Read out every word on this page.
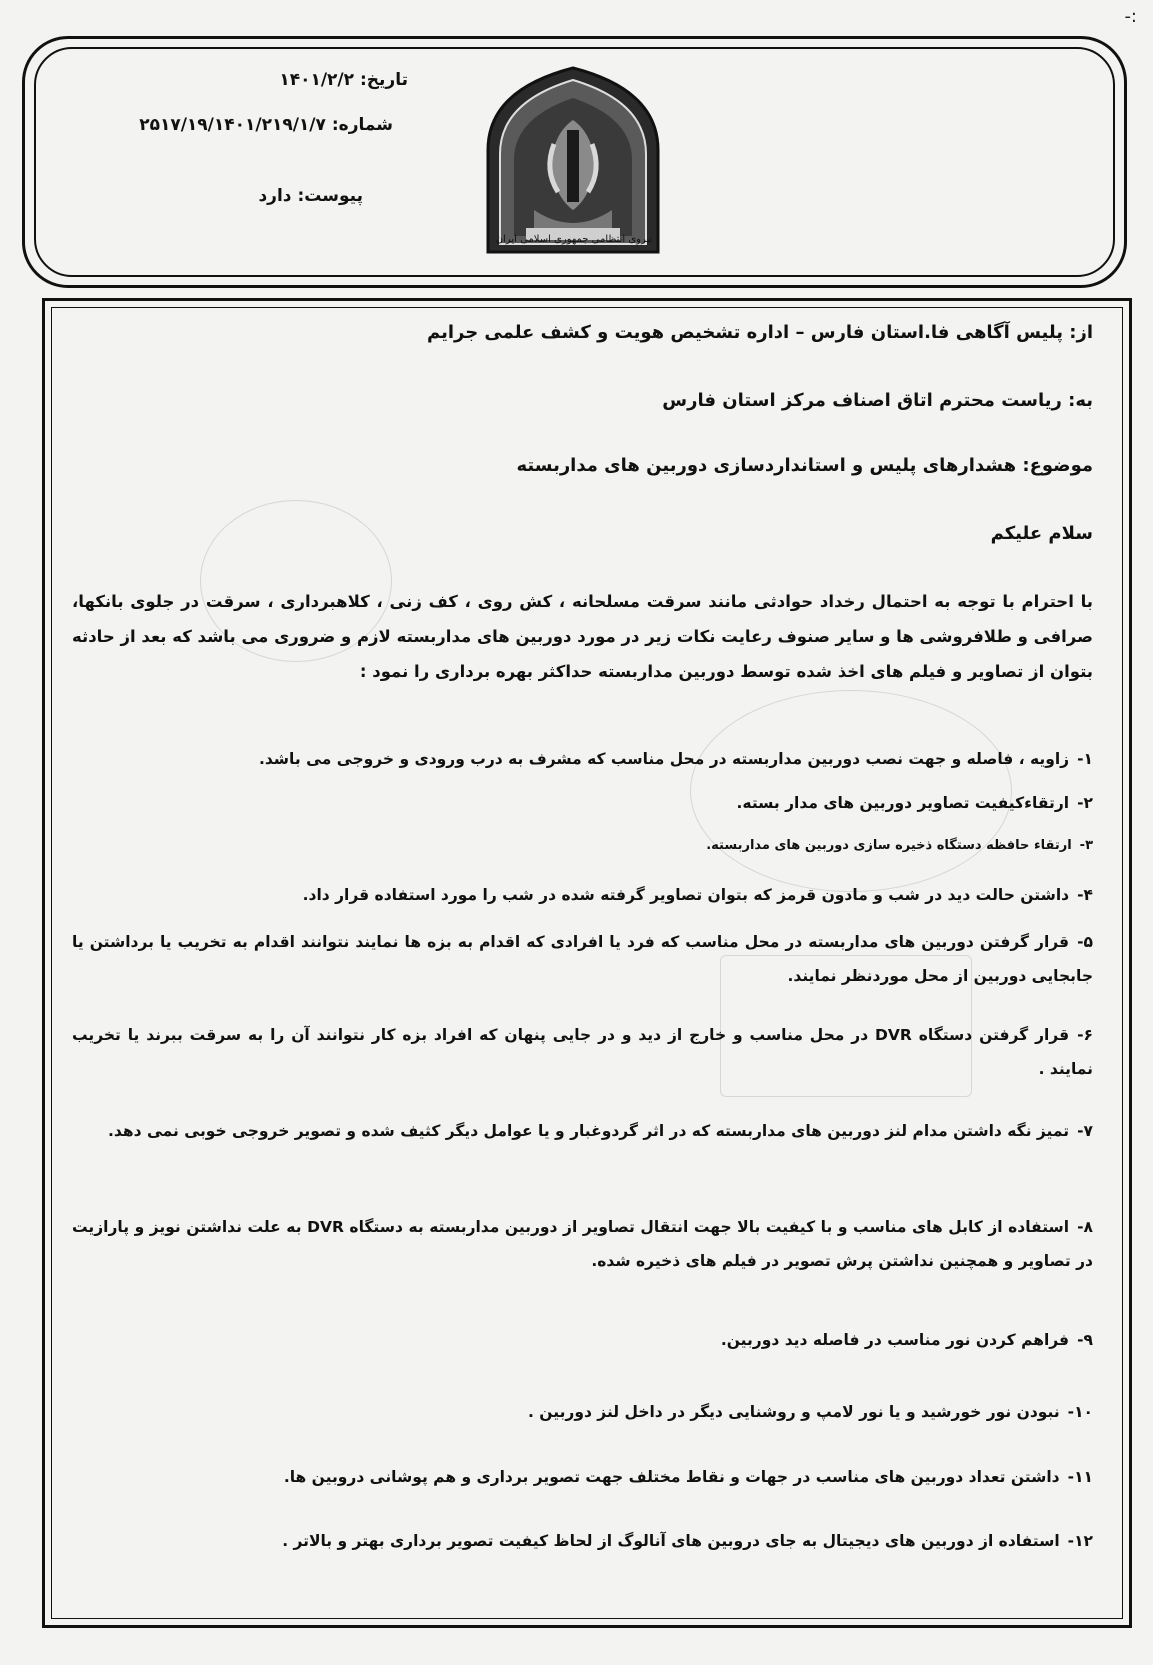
-:
نیروی انتظامی جمهوری اسلامی ایران
تاریخ:۱۴۰۱/۲/۲
شماره:۲۵۱۷/۱۹/۱۴۰۱/۲۱۹/۱/۷
پیوست:دارد
از: پلیس آگاهی فا.استان فارس – اداره تشخیص هویت و کشف علمی جرایم
به: ریاست محترم اتاق اصناف مرکز استان فارس
موضوع: هشدارهای پلیس و استانداردسازی دوربین های مداربسته
سلام علیکم
با احترام با توجه به احتمال رخداد حوادثی مانند سرقت مسلحانه ، کش روی ، کف زنی ، کلاهبرداری ، سرقت در جلوی بانکها، صرافی و طلافروشی ها و سایر صنوف رعایت نکات زیر در مورد دوربین های مداربسته لازم و ضروری می باشد که بعد از حادثه بتوان از تصاویر و فیلم های اخذ شده توسط دوربین مداربسته حداکثر بهره برداری را نمود :
۱-زاویه ، فاصله و جهت نصب دوربین مداربسته در محل مناسب که مشرف به درب ورودی و خروجی می باشد.
۲-ارتقاءکیفیت تصاویر دوربین های مدار بسته.
۳-ارتقاء حافظه دستگاه ذخیره سازی دوربین های مداربسته.
۴-داشتن حالت دید در شب و مادون قرمز که بتوان تصاویر گرفته شده در شب را مورد استفاده قرار داد.
۵-قرار گرفتن دوربین های مداربسته در محل مناسب که فرد یا افرادی که اقدام به بزه ها نمایند نتوانند اقدام به تخریب یا برداشتن یا جابجایی دوربین از محل موردنظر نمایند.
۶-قرار گرفتن دستگاه DVR در محل مناسب و خارج از دید و در جایی پنهان که افراد بزه کار نتوانند آن را به سرقت ببرند یا تخریب نمایند .
۷-تمیز نگه داشتن مدام لنز دوربین های مداربسته که در اثر گردوغبار و یا عوامل دیگر کثیف شده و تصویر خروجی خوبی نمی دهد.
۸-استفاده از کابل های مناسب و با کیفیت بالا جهت انتقال تصاویر از دوربین مداربسته به دستگاه DVR به علت نداشتن نویز و پارازیت در تصاویر و همچنین نداشتن پرش تصویر در فیلم های ذخیره شده.
۹-فراهم کردن نور مناسب در فاصله دید دوربین.
۱۰-نبودن نور خورشید و یا نور لامپ و روشنایی دیگر در داخل لنز دوربین .
۱۱-داشتن تعداد دوربین های مناسب در جهات و نقاط مختلف جهت تصویر برداری و هم پوشانی دروبین ها.
۱۲-استفاده از دوربین های دیجیتال به جای دروبین های آنالوگ از لحاظ کیفیت تصویر برداری بهتر و بالاتر .
